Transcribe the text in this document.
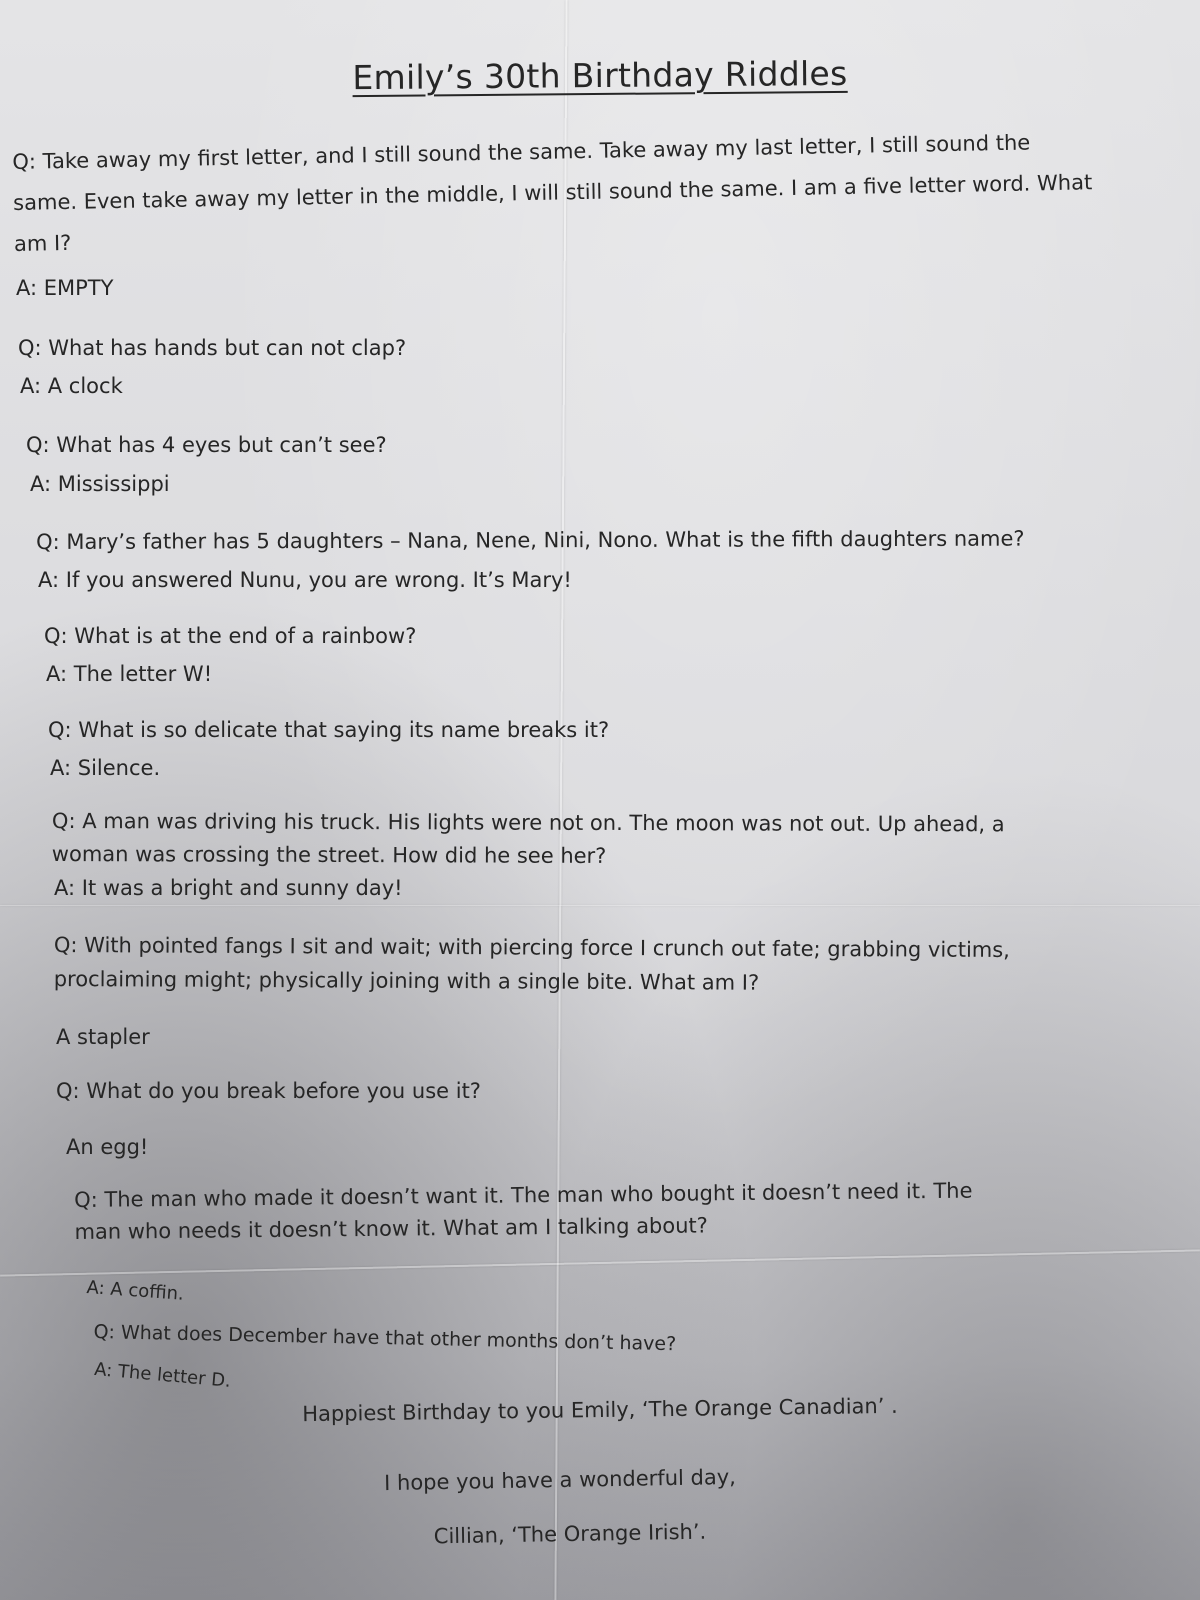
Emily’s 30th Birthday Riddles
Q: Take away my first letter, and I still sound the same. Take away my last letter, I still sound the same. Even take away my letter in the middle, I will still sound the same. I am a five letter word. What am I?
A: EMPTY
Q: What has hands but can not clap?
A: A clock
Q: What has 4 eyes but can’t see?
A: Mississippi
Q: Mary’s father has 5 daughters – Nana, Nene, Nini, Nono. What is the fifth daughters name?
A: If you answered Nunu, you are wrong. It’s Mary!
Q: What is at the end of a rainbow?
A: The letter W!
Q: What is so delicate that saying its name breaks it?
A: Silence.
Q: A man was driving his truck. His lights were not on. The moon was not out. Up ahead, a woman was crossing the street. How did he see her?
A: It was a bright and sunny day!
Q: With pointed fangs I sit and wait; with piercing force I crunch out fate; grabbing victims, proclaiming might; physically joining with a single bite. What am I?
A stapler
Q: What do you break before you use it?
An egg!
Q: The man who made it doesn’t want it. The man who bought it doesn’t need it. The man who needs it doesn’t know it. What am I talking about?
A: A coffin.
Q: What does December have that other months don’t have?
A: The letter D.
Happiest Birthday to you Emily, ‘The Orange Canadian’ .
I hope you have a wonderful day,
Cillian, ‘The Orange Irish’.
